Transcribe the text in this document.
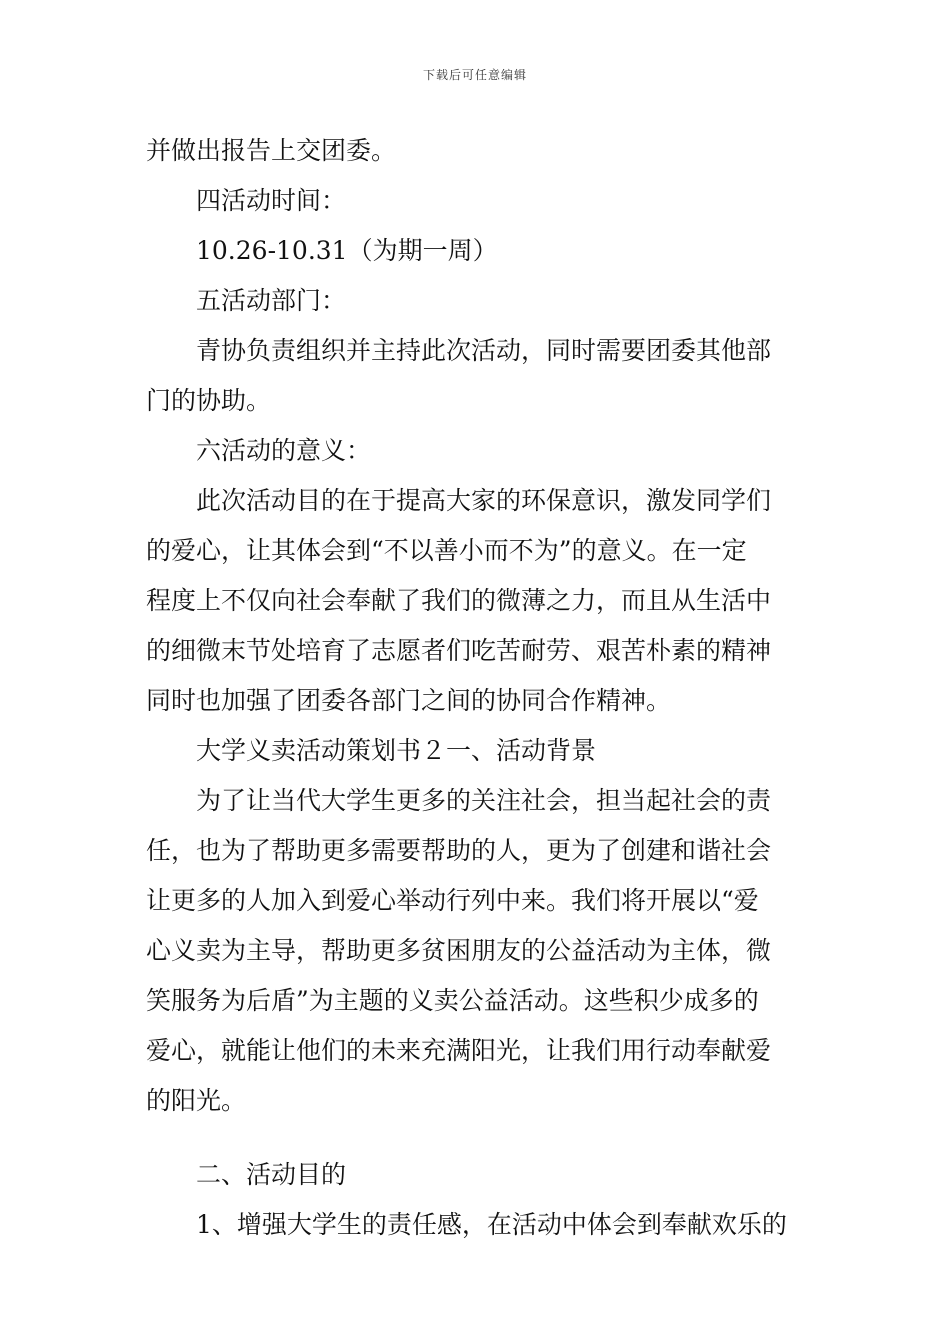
下载后可任意编辑
并做出报告上交团委。
四活动时间：
10.26-10.31（为期一周）
五活动部门：
青协负责组织并主持此次活动，同时需要团委其他部
门的协助。
六活动的意义：
此次活动目的在于提高大家的环保意识，激发同学们
的爱心，让其体会到“不以善小而不为”的意义。在一定
程度上不仅向社会奉献了我们的微薄之力，而且从生活中
的细微末节处培育了志愿者们吃苦耐劳、艰苦朴素的精神
同时也加强了团委各部门之间的协同合作精神。
大学义卖活动策划书２一、活动背景
为了让当代大学生更多的关注社会，担当起社会的责
任，也为了帮助更多需要帮助的人，更为了创建和谐社会
让更多的人加入到爱心举动行列中来。我们将开展以“爱
心义卖为主导，帮助更多贫困朋友的公益活动为主体，微
笑服务为后盾”为主题的义卖公益活动。这些积少成多的
爱心，就能让他们的未来充满阳光，让我们用行动奉献爱
的阳光。
二、活动目的
1、增强大学生的责任感，在活动中体会到奉献欢乐的
